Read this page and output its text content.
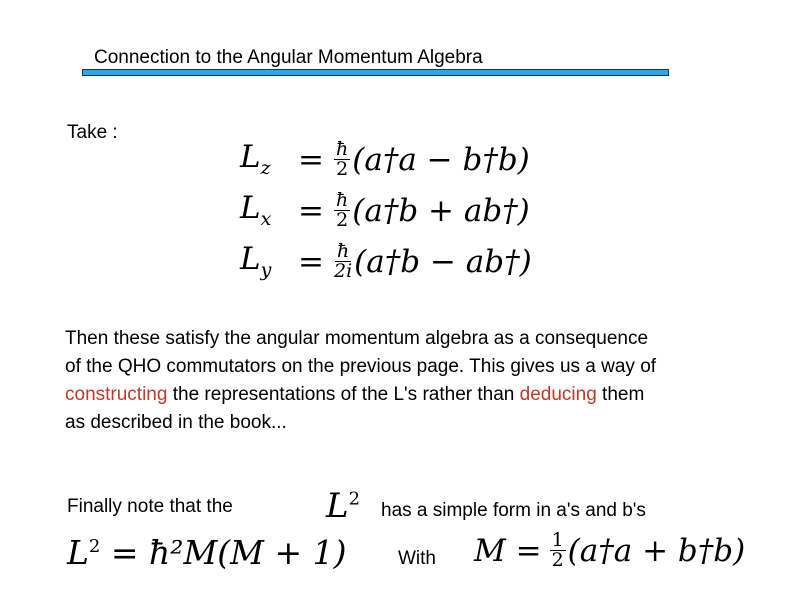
Connection to the Angular Momentum Algebra
Take :
$L_z = \frac{ħ}{2}$ (a†a − b†b)
$L_x = \frac{ħ}{2}$ (a†b + ab†)
$L_y = \frac{ħ}{2i}$ (a†b − ab†)
Then these satisfy the angular momentum algebra as a consequence of the QHO commutators on the previous page. This gives us a way of constructing the representations of the L's rather than deducing them as described in the book...
Finally note that the	$L^2$
has a simple form in a's and b's
$L^2$ = ħ²M(M + 1)	With $M = \frac{1}{2}$ (a†a + b†b)
